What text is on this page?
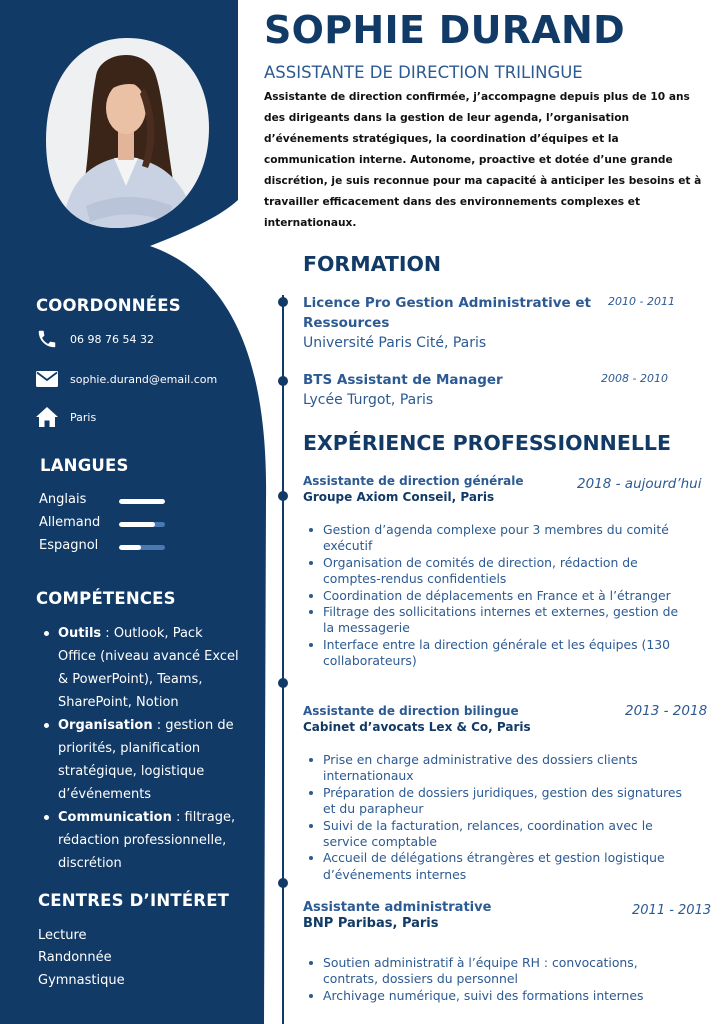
COORDONNÉES
06 98 76 54 32
sophie.durand@email.com
Paris
LANGUES
Anglais
Allemand
Espagnol
COMPÉTENCES
Outils : Outlook, Pack Office (niveau avancé Excel & PowerPoint), Teams, SharePoint, Notion
Organisation : gestion de priorités, planification stratégique, logistique d’événements
Communication : filtrage, rédaction professionnelle, discrétion
CENTRES D’INTÉRET
Lecture
Randonnée
Gymnastique
SOPHIE DURAND
ASSISTANTE DE DIRECTION TRILINGUE
Assistante de direction confirmée, j’accompagne depuis plus de 10 ans des dirigeants dans la gestion de leur agenda, l’organisation d’événements stratégiques, la coordination d’équipes et la communication interne. Autonome, proactive et dotée d’une grande discrétion, je suis reconnue pour ma capacité à anticiper les besoins et à travailler efficacement dans des environnements complexes et internationaux.
FORMATION
Licence Pro Gestion Administrative et Ressources
Université Paris Cité, Paris
2010 - 2011
BTS Assistant de Manager
Lycée Turgot, Paris
2008 - 2010
EXPÉRIENCE PROFESSIONNELLE
Assistante de direction générale
Groupe Axiom Conseil, Paris
2018 - aujourd’hui
Gestion d’agenda complexe pour 3 membres du comité exécutif
Organisation de comités de direction, rédaction de comptes-rendus confidentiels
Coordination de déplacements en France et à l’étranger
Filtrage des sollicitations internes et externes, gestion de la messagerie
Interface entre la direction générale et les équipes (130 collaborateurs)
Assistante de direction bilingue
Cabinet d’avocats Lex & Co, Paris
2013 - 2018
Prise en charge administrative des dossiers clients internationaux
Préparation de dossiers juridiques, gestion des signatures et du parapheur
Suivi de la facturation, relances, coordination avec le service comptable
Accueil de délégations étrangères et gestion logistique d’événements internes
Assistante administrative
BNP Paribas, Paris
2011 - 2013
Soutien administratif à l’équipe RH : convocations, contrats, dossiers du personnel
Archivage numérique, suivi des formations internes
